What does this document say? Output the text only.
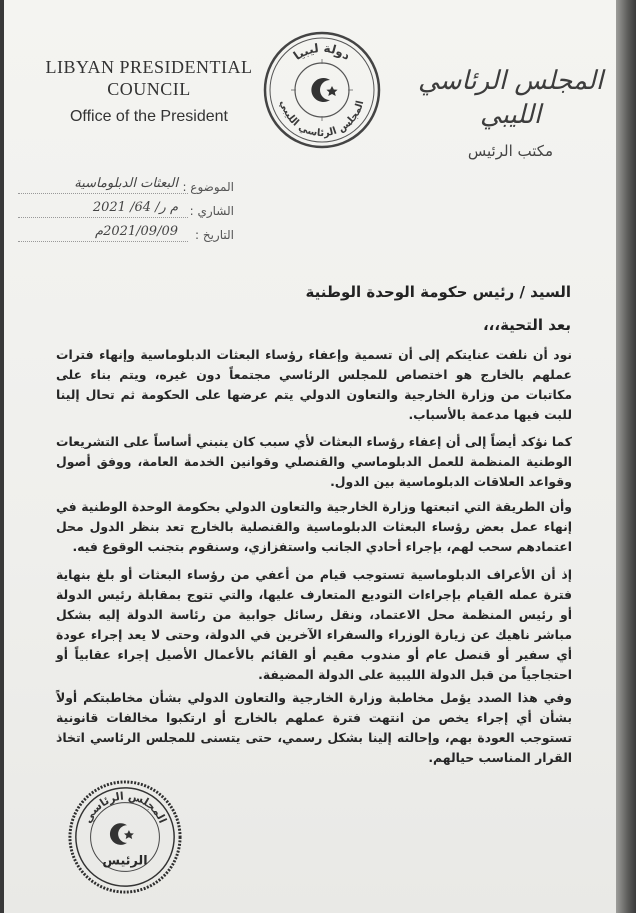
LIBYAN PRESIDENTIAL
COUNCIL
Office of the President
دولة ليبيا
المجلس الرئاسي الليبي
المجلس الرئاسي الليبي
مكتب الرئيس
الموضوع :
البعثات الدبلوماسية
الشاري :
م ر/ 64/ 2021
التاريخ :
2021/09/09م
السيد / رئيس حكومة الوحدة الوطنية
بعد التحية،،،
نود أن نلفت عنايتكم إلى أن تسمية وإعفاء رؤساء البعثات الدبلوماسية وإنهاء فترات عملهم بالخارج هو اختصاص للمجلس الرئاسي مجتمعاً دون غيره، ويتم بناء على مكاتبات من وزارة الخارجية والتعاون الدولي يتم عرضها على الحكومة ثم تحال إلينا للبت فيها مدعمة بالأسباب.
كما نؤكد أيضاً إلى أن إعفاء رؤساء البعثات لأي سبب كان ينبني أساساً على التشريعات الوطنية المنظمة للعمل الدبلوماسي والقنصلي وقوانين الخدمة العامة، ووفق أصول وقواعد العلاقات الدبلوماسية بين الدول.
وأن الطريقة التي اتبعتها وزارة الخارجية والتعاون الدولي بحكومة الوحدة الوطنية في إنهاء عمل بعض رؤساء البعثات الدبلوماسية والقنصلية بالخارج تعد بنظر الدول محل اعتمادهم سحب لهم، بإجراء أحادي الجانب واستفزازي، وسنقوم بتجنب الوقوع فيه.
إذ أن الأعراف الدبلوماسية تستوجب قيام من أعفي من رؤساء البعثات أو بلغ بنهاية فترة عمله القيام بإجراءات التوديع المتعارف عليها، والتي تتوج بمقابلة رئيس الدولة أو رئيس المنظمة محل الاعتماد، ونقل رسائل جوابية من رئاسة الدولة إليه بشكل مباشر ناهيك عن زيارة الوزراء والسفراء الآخرين في الدولة، وحتى لا يعد إجراء عودة أي سفير أو قنصل عام أو مندوب مقيم أو القائم بالأعمال الأصيل إجراء عقابياً أو احتجاجياً من قبل الدولة الليبية على الدولة المضيفة.
وفي هذا الصدد يؤمل مخاطبة وزارة الخارجية والتعاون الدولي بشأن مخاطبتكم أولاً بشأن أي إجراء يخص من انتهت فترة عملهم بالخارج أو ارتكبوا مخالفات قانونية تستوجب العودة بهم، وإحالته إلينا بشكل رسمي، حتى يتسنى للمجلس الرئاسي اتخاذ القرار المناسب حيالهم.
المجلس الرئاسي
الرئيس
